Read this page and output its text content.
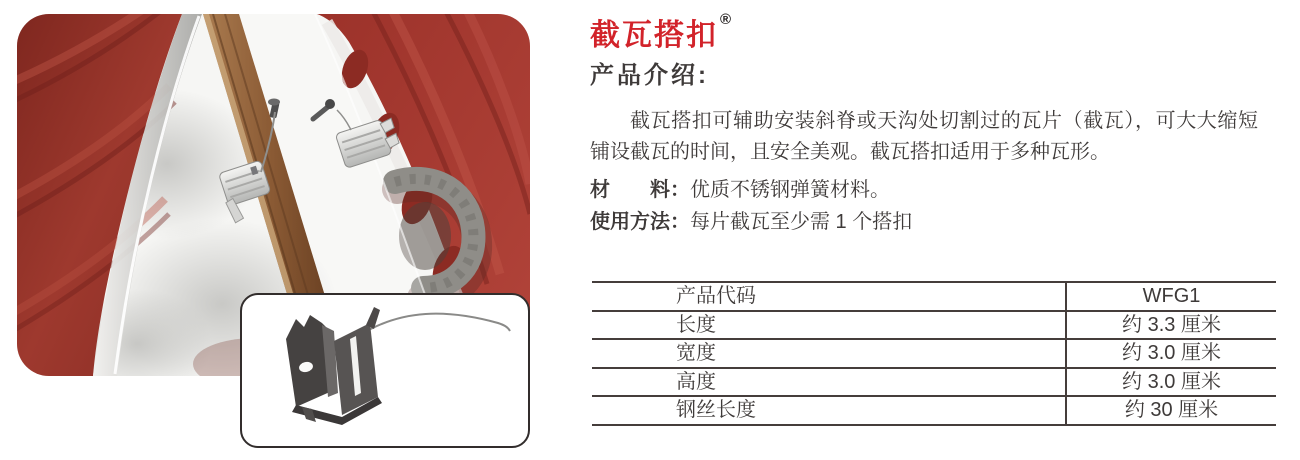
截瓦搭扣 ®
产品介绍:

截瓦搭扣可辅助安装斜脊或天沟处切割过的瓦片（截瓦），可大大缩短铺设截瓦的时间，且安全美观。截瓦搭扣适用于多种瓦形。

材　　料：优质不锈钢弹簧材料。

使用方法：每片截瓦至少需 1 个搭扣

产品代码	WFG1
长度	约 3.3 厘米
宽度	约 3.0 厘米
高度	约 3.0 厘米
钢丝长度	约 30 厘米
